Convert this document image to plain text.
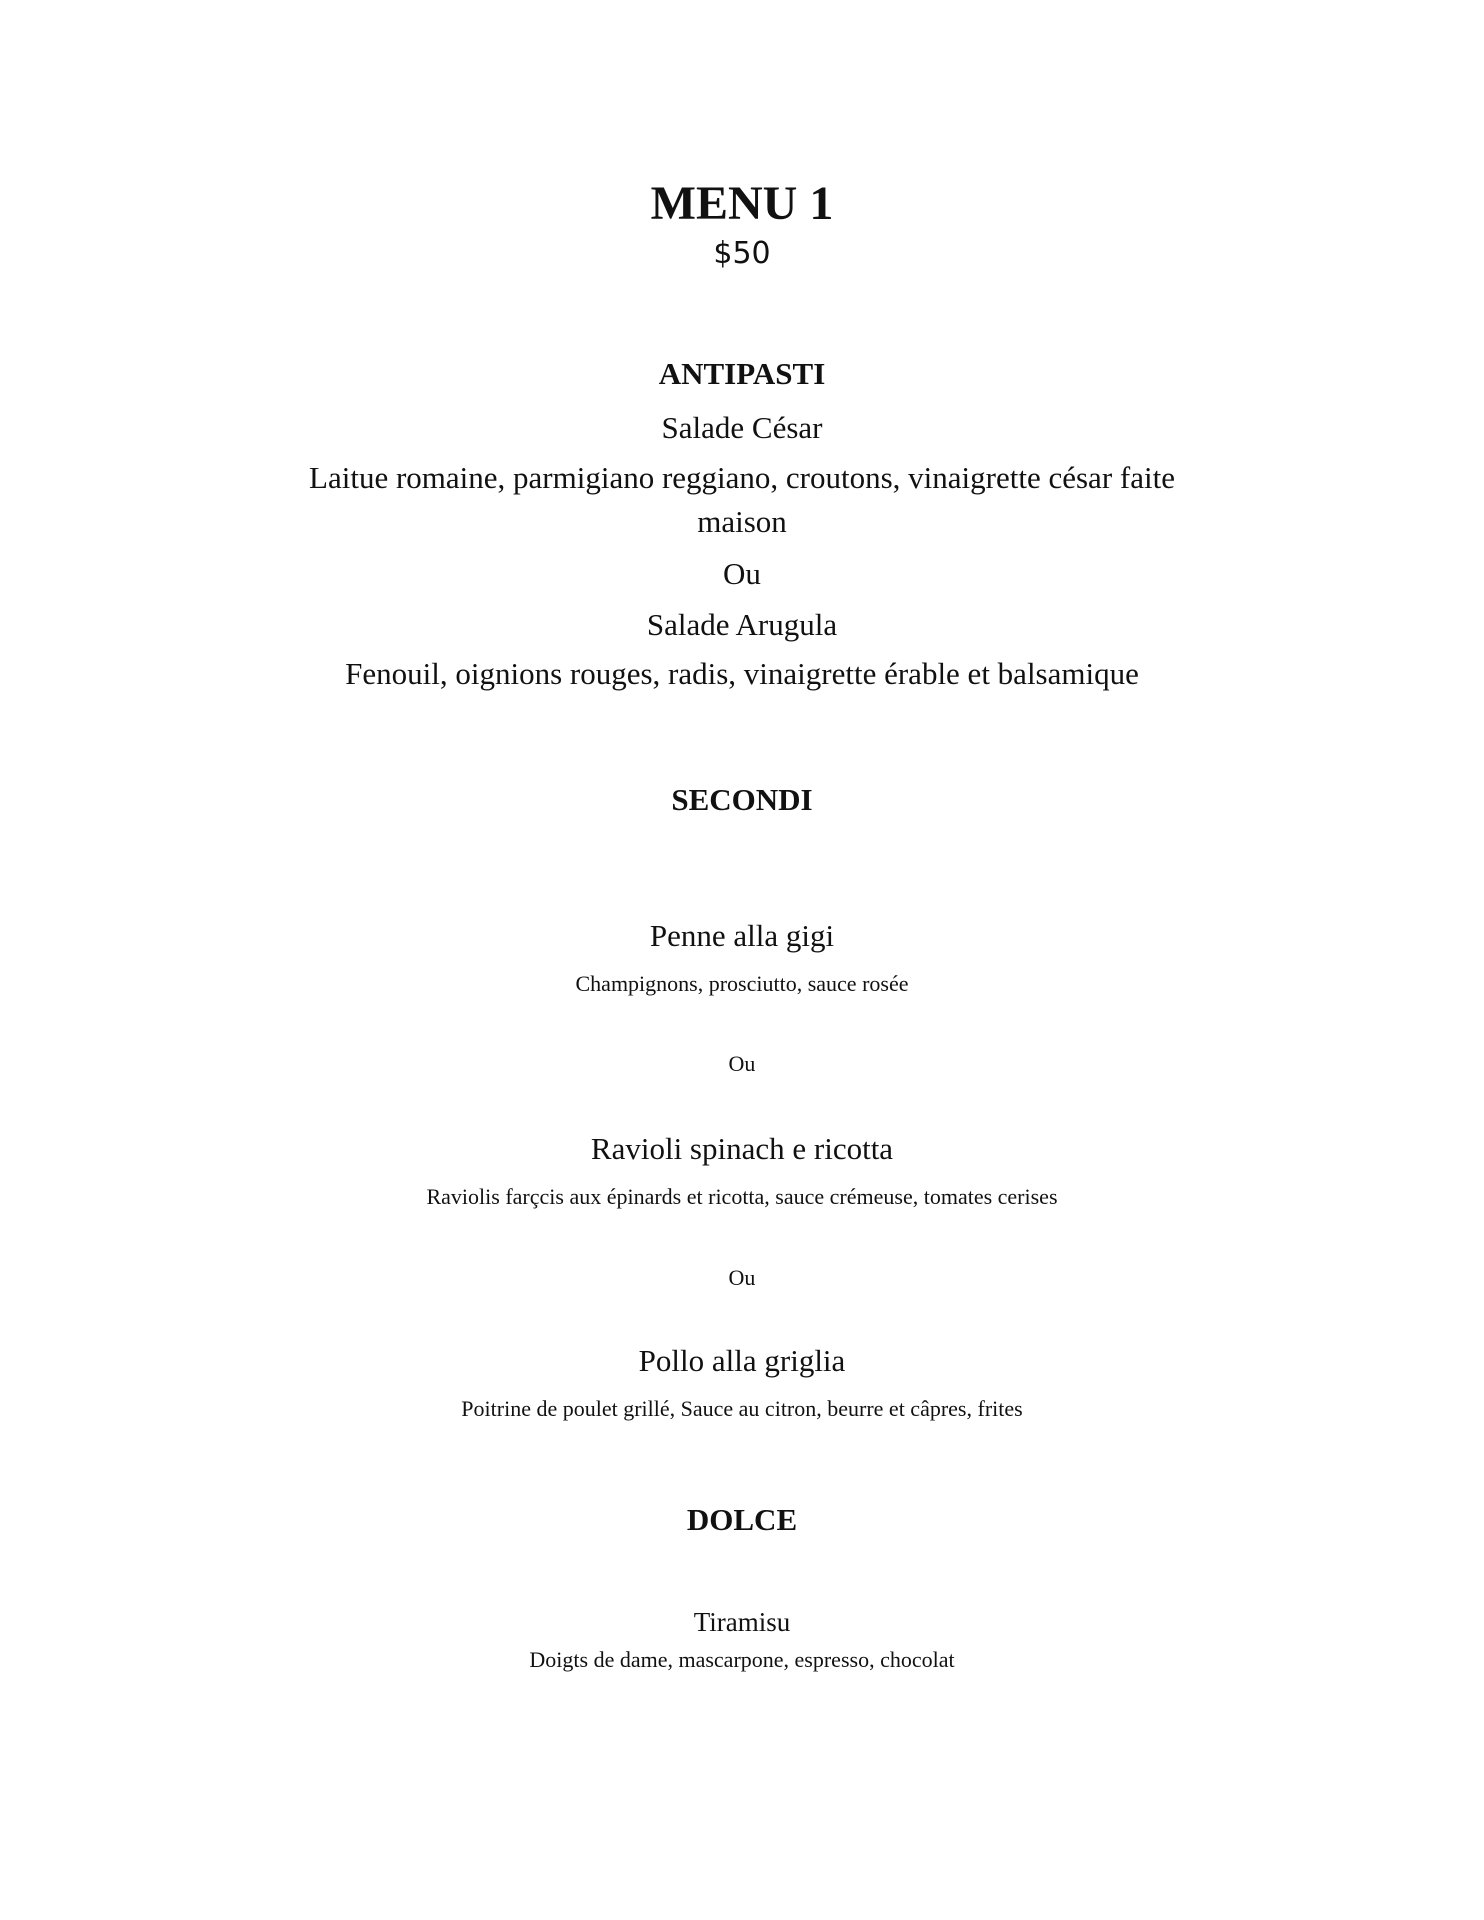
MENU 1
$50
ANTIPASTI
Salade César

Laitue romaine, parmigiano reggiano, croutons, vinaigrette césar faite maison

Ou
Salade Arugula
Fenouil, oignions rouges, radis, vinaigrette érable et balsamique
SECONDI
Penne alla gigi
Champignons, prosciutto, sauce rosée
Ou
Ravioli spinach e ricotta
Raviolis farçcis aux épinards et ricotta, sauce crémeuse, tomates cerises
Ou
Pollo alla griglia
Poitrine de poulet grillé, Sauce au citron, beurre et câpres, frites
DOLCE
Tiramisu
Doigts de dame, mascarpone, espresso, chocolat
